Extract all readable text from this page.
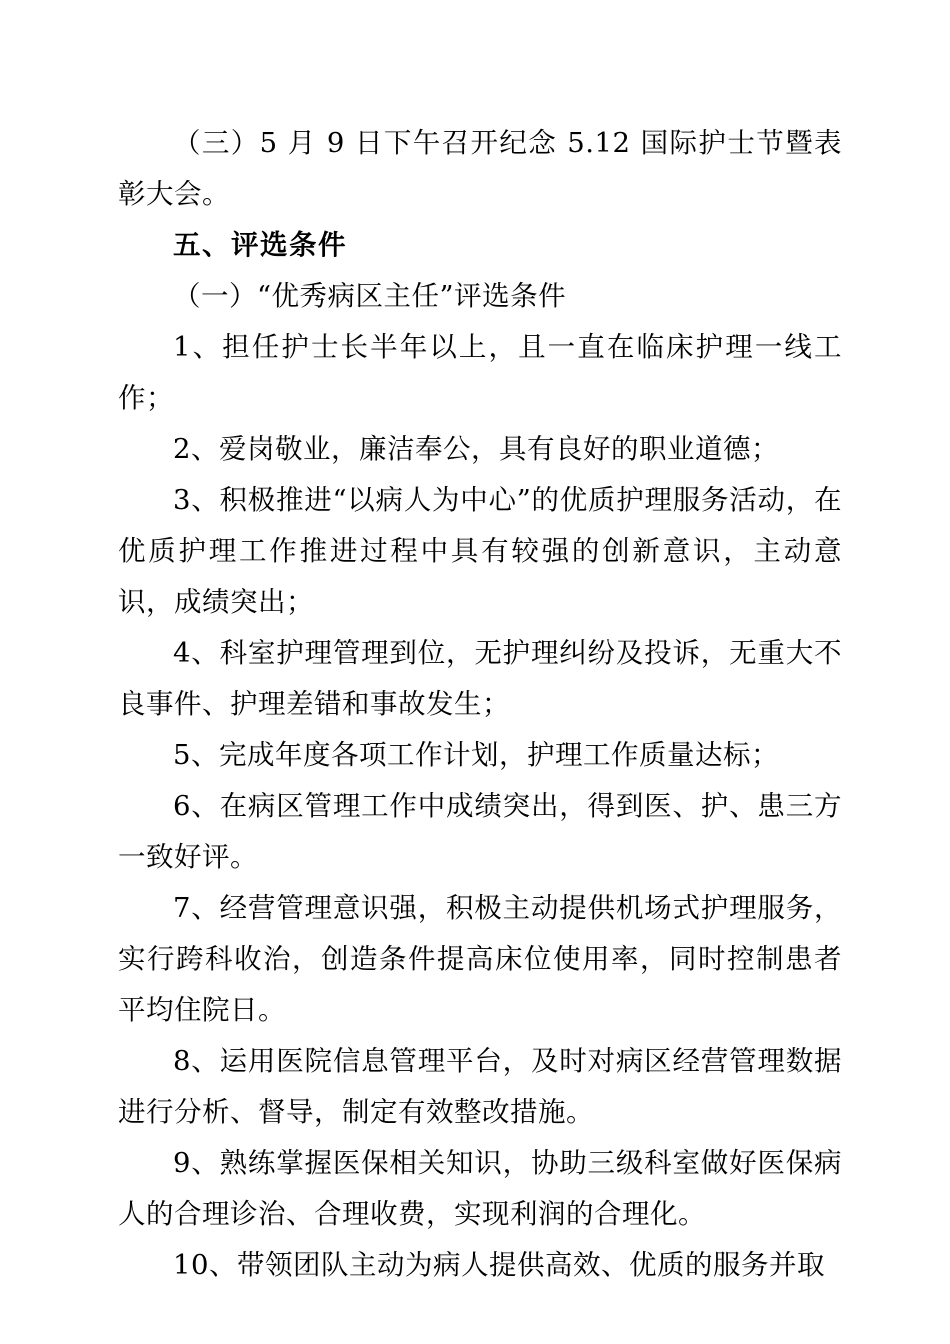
（三）5 月 9 日下午召开纪念 5.12 国际护士节暨表彰大会。

五、评选条件

（一）“优秀病区主任”评选条件

1、担任护士长半年以上，且一直在临床护理一线工作；

2、爱岗敬业，廉洁奉公，具有良好的职业道德；

3、积极推进“以病人为中心”的优质护理服务活动，在优质护理工作推进过程中具有较强的创新意识，主动意识，成绩突出；

4、科室护理管理到位，无护理纠纷及投诉，无重大不良事件、护理差错和事故发生；

5、完成年度各项工作计划，护理工作质量达标；

6、在病区管理工作中成绩突出，得到医、护、患三方一致好评。

7、经营管理意识强，积极主动提供机场式护理服务，实行跨科收治，创造条件提高床位使用率，同时控制患者平均住院日。

8、运用医院信息管理平台，及时对病区经营管理数据进行分析、督导，制定有效整改措施。

9、熟练掌握医保相关知识，协助三级科室做好医保病人的合理诊治、合理收费，实现利润的合理化。

10、带领团队主动为病人提供高效、优质的服务并取
